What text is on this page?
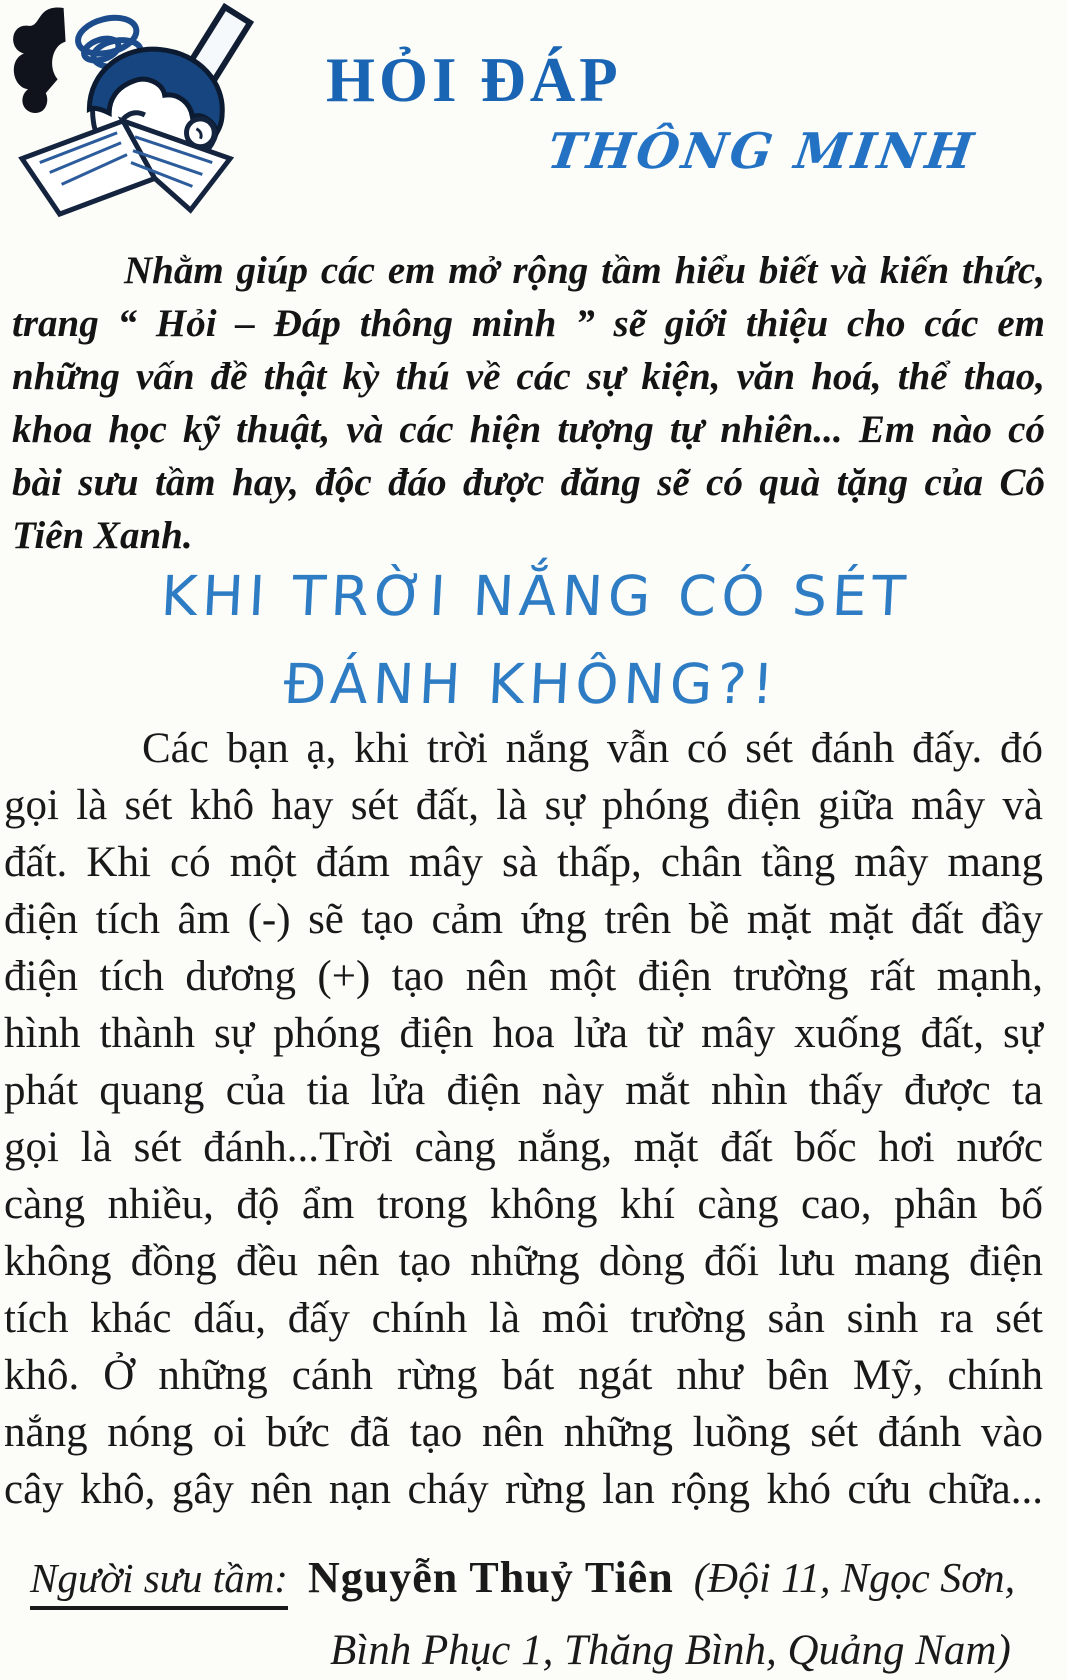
HỎI ĐÁP
THÔNG MINH
Nhằm giúp các em mở rộng tầm hiểu biết và kiến thức,
trang “ Hỏi – Đáp thông minh ” sẽ giới thiệu cho các em
những vấn đề thật kỳ thú về các sự kiện, văn hoá, thể thao,
khoa học kỹ thuật, và các hiện tượng tự nhiên... Em nào có
bài sưu tầm hay, độc đáo được đăng sẽ có quà tặng của Cô
Tiên Xanh.
KHI TRỜI NẮNG CÓ SÉT
ĐÁNH KHÔNG?!
Các bạn ạ, khi trời nắng vẫn có sét đánh đấy. đó
gọi là sét khô hay sét đất, là sự phóng điện giữa mây và
đất. Khi có một đám mây sà thấp, chân tầng mây mang
điện tích âm (-) sẽ tạo cảm ứng trên bề mặt mặt đất đầy
điện tích dương (+) tạo nên một điện trường rất mạnh,
hình thành sự phóng điện hoa lửa từ mây xuống đất, sự
phát quang của tia lửa điện này mắt nhìn thấy được ta
gọi là sét đánh...Trời càng nắng, mặt đất bốc hơi nước
càng nhiều, độ ẩm trong không khí càng cao, phân bố
không đồng đều nên tạo những dòng đối lưu mang điện
tích khác dấu, đấy chính là môi trường sản sinh ra sét
khô. Ở những cánh rừng bát ngát như bên Mỹ, chính
nắng nóng oi bức đã tạo nên những luồng sét đánh vào
cây khô, gây nên nạn cháy rừng lan rộng khó cứu chữa...
Người sưu tầm: Nguyễn Thuỷ Tiên (Đội 11, Ngọc Sơn,
Bình Phục 1, Thăng Bình, Quảng Nam)
